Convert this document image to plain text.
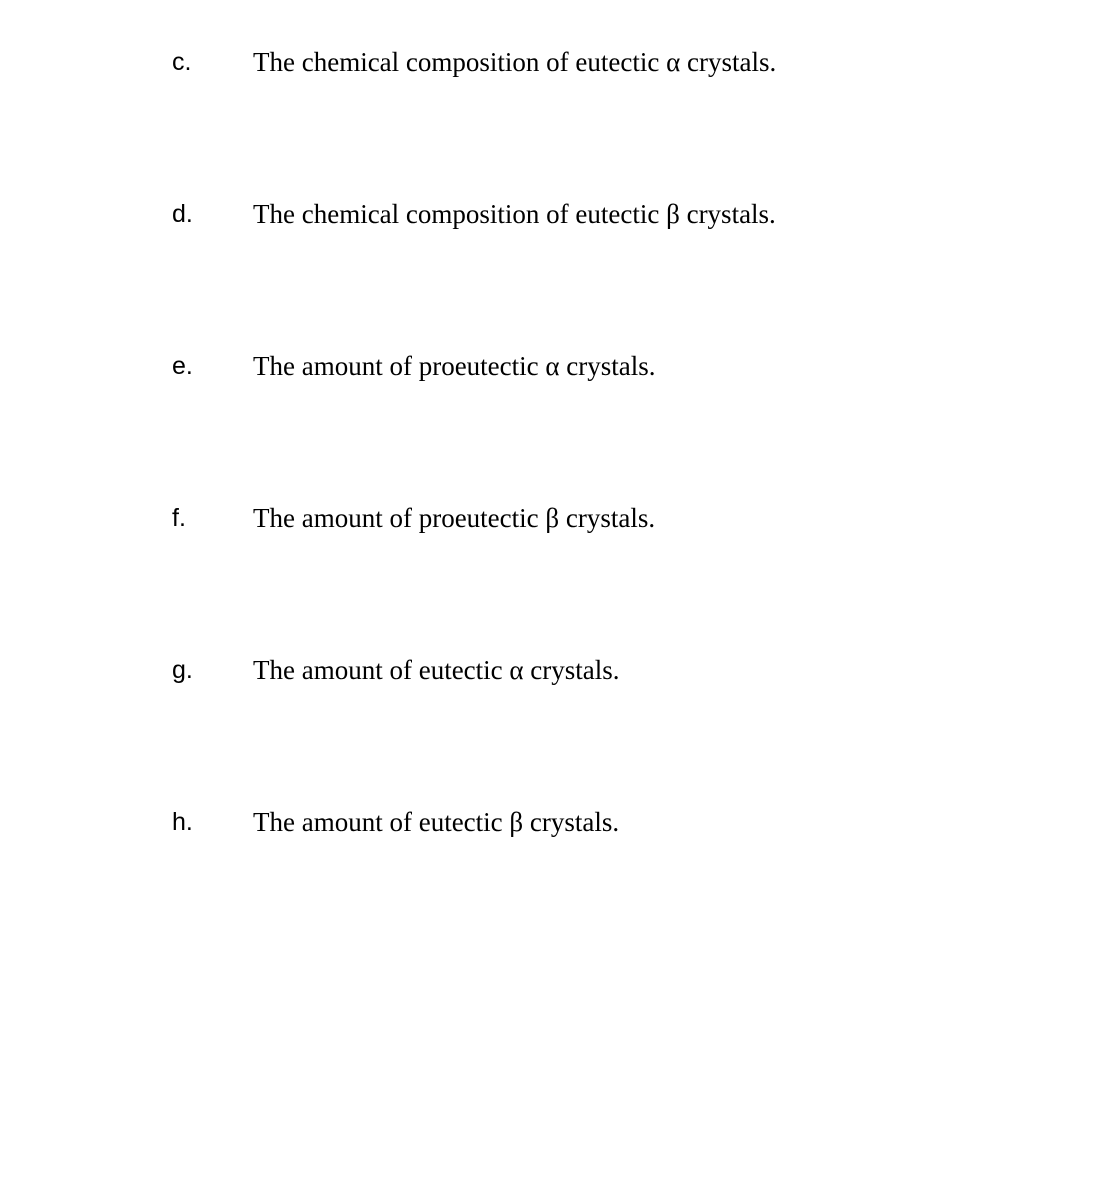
c. The chemical composition of eutectic α crystals.
d. The chemical composition of eutectic β crystals.
e. The amount of proeutectic α crystals.
f. The amount of proeutectic β crystals.
g. The amount of eutectic α crystals.
h. The amount of eutectic β crystals.
